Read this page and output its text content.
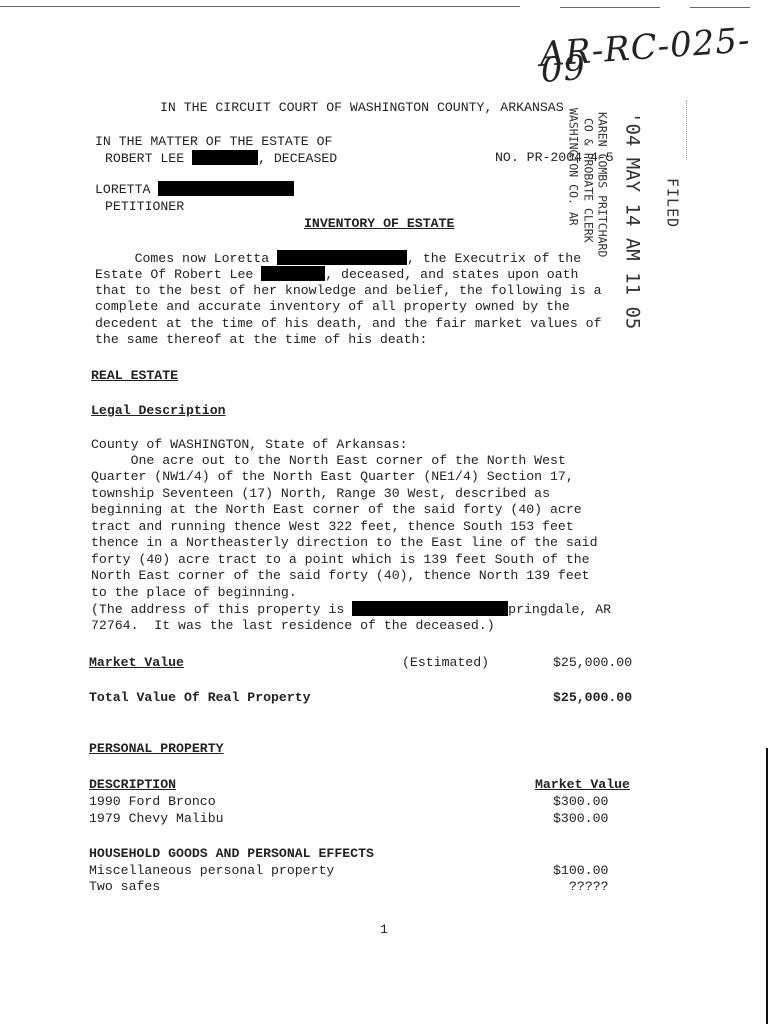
AR-RC-025-09
IN THE CIRCUIT COURT OF WASHINGTON COUNTY, ARKANSAS
IN THE MATTER OF THE ESTATE OF
ROBERT LEE	, DECEASED	NO. PR-2004-4-5
LORETTA
PETITIONER
INVENTORY OF ESTATE	FILED
'04 MAY 14 AM 11 05
KAREN COMBS PRITCHARD
CO & PROBATE CLERK
WASHINGTON CO. AR
Comes now Loretta	, the Executrix of the
Estate Of Robert Lee	, deceased, and states upon oath
that to the best of her knowledge and belief, the following is a
complete and accurate inventory of all property owned by the
decedent at the time of his death, and the fair market values of
the same thereof at the time of his death:
REAL ESTATE
Legal Description
County of WASHINGTON, State of Arkansas:
One acre out to the North East corner of the North West
Quarter (NW1/4) of the North East Quarter (NE1/4) Section 17,
township Seventeen (17) North, Range 30 West, described as
beginning at the North East corner of the said forty (40) acre
tract and running thence West 322 feet, thence South 153 feet
thence in a Northeasterly direction to the East line of the said
forty (40) acre tract to a point which is 139 feet South of the
North East corner of the said forty (40), thence North 139 feet
to the place of beginning.
(The address of this property is	pringdale, AR
72764.  It was the last residence of the deceased.)
Market Value	(Estimated)	$25,000.00
Total Value Of Real Property	$25,000.00
PERSONAL PROPERTY
DESCRIPTION	Market Value
1990 Ford Bronco	$300.00
1979 Chevy Malibu	$300.00
HOUSEHOLD GOODS AND PERSONAL EFFECTS
Miscellaneous personal property	$100.00
Two safes	?????
1
